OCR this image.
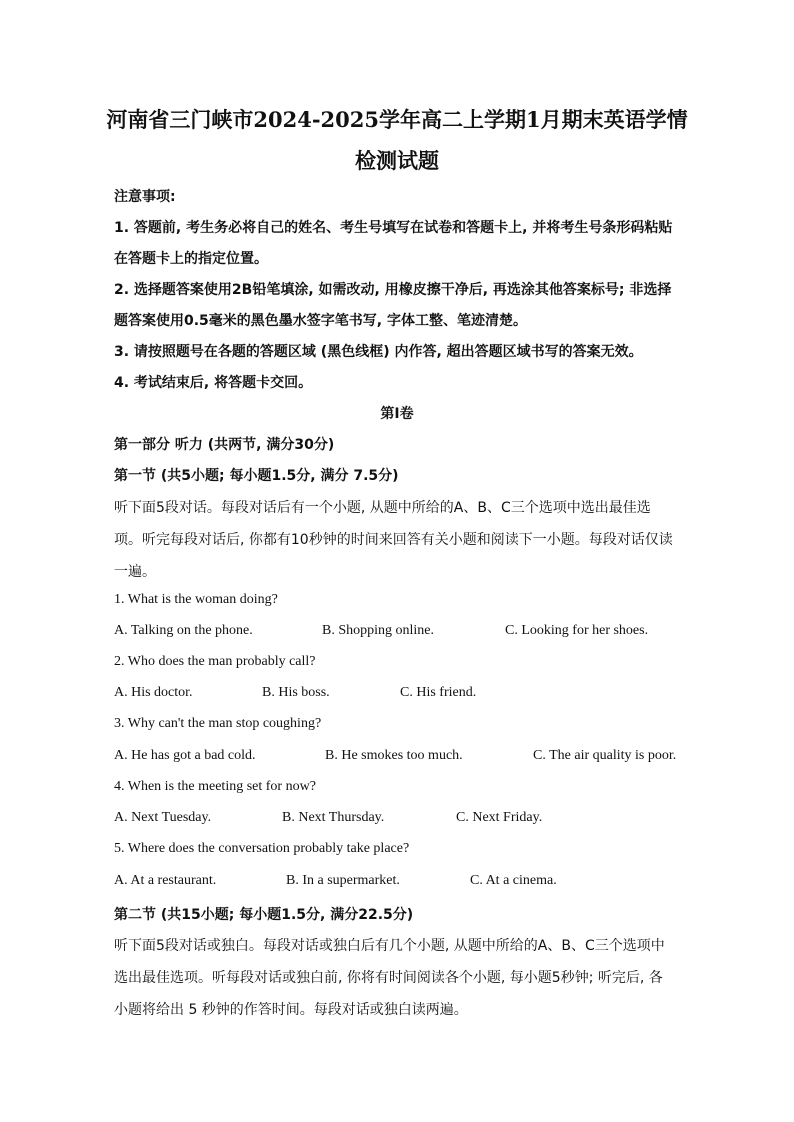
河南省三门峡市2024-2025学年高二上学期1月期末英语学情
检测试题
注意事项:
1. 答题前, 考生务必将自己的姓名、考生号填写在试卷和答题卡上, 并将考生号条形码粘贴
在答题卡上的指定位置。
2. 选择题答案使用2B铅笔填涂, 如需改动, 用橡皮擦干净后, 再选涂其他答案标号; 非选择
题答案使用0.5毫米的黑色墨水签字笔书写, 字体工整、笔迹清楚。
3. 请按照题号在各题的答题区域 (黑色线框) 内作答, 超出答题区域书写的答案无效。
4. 考试结束后, 将答题卡交回。
第I卷
第一部分 听力 (共两节, 满分30分)
第一节 (共5小题; 每小题1.5分, 满分 7.5分)
听下面5段对话。每段对话后有一个小题, 从题中所给的A、B、C三个选项中选出最佳选
项。听完每段对话后, 你都有10秒钟的时间来回答有关小题和阅读下一小题。每段对话仅读
一遍。
1. What is the woman doing?
A. Talking on the phone.	B. Shopping online.	C. Looking for her shoes.
2. Who does the man probably call?
A. His doctor.	B. His boss.	C. His friend.
3. Why can't the man stop coughing?
A. He has got a bad cold.	B. He smokes too much.	C. The air quality is poor.
4. When is the meeting set for now?
A. Next Tuesday.	B. Next Thursday.	C. Next Friday.
5. Where does the conversation probably take place?
A. At a restaurant.	B. In a supermarket.	C. At a cinema.
第二节 (共15小题; 每小题1.5分, 满分22.5分)
听下面5段对话或独白。每段对话或独白后有几个小题, 从题中所给的A、B、C三个选项中
选出最佳选项。听每段对话或独白前, 你将有时间阅读各个小题, 每小题5秒钟; 听完后, 各
小题将给出 5 秒钟的作答时间。每段对话或独白读两遍。
